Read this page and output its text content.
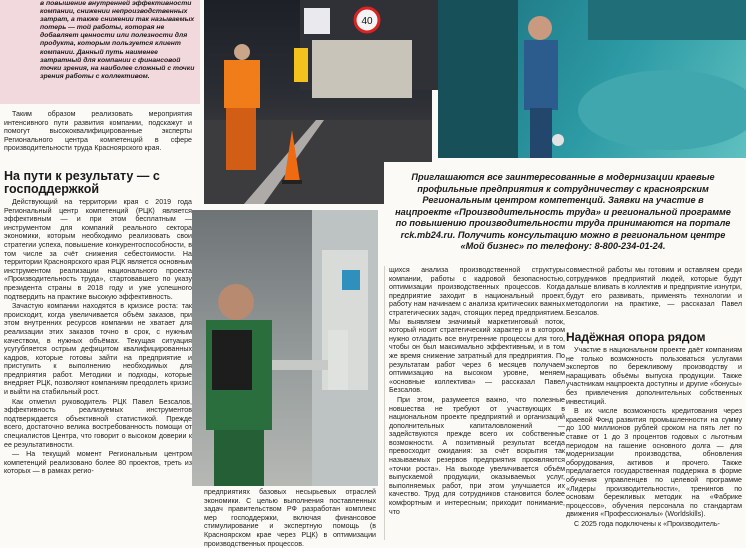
в повышение внутренней эффективности компании, снижении непроизводственных затрат, а также снижении так называемых потерь — той работы, которая не добавляет ценности или полезности для продукта, которым пользуется клиент компании. Данный путь наименее затратный для компании с финансовой точки зрения, на наиболее сложный с точки зрения работы с коллективом.

Таким образом реализовать мероприятия интенсивного пути развития компании, подскажут и помогут высококвалифицированные эксперты Регионального центра компетенций в сфере производительности труда Красноярского края.

На пути к результату — с господдержкой

Действующий на территории края с 2019 года Региональный центр компетенций (РЦК) является эффективным — и при этом бесплатным — инструментом для компаний реального сектора экономики, которым необходимо реализовать свои стратегии успеха, повышение конкурентоспособности, в том числе за счёт снижения себестоимости. На территории Красноярского края РЦК является основным инструментом реализации национального проекта «Производительность труда», стартовавшего по указу президента страны в 2018 году и уже успешного подтвердить на практике высокую эффективность.

Зачастую компании находятся в кризисе роста: так происходит, когда увеличивается объём заказов, при этом внутренних ресурсов компании не хватает для реализации этих заказов точно в срок, с нужным качеством, в нужных объёмах. Текущая ситуация усугубляется острым дефицитом квалифицированных кадров, которые готовы зайти на предприятие и приступить к выполнению необходимых для предприятия работ. Методики и подходы, которые внедряет РЦК, позволяют компаниям преодолеть кризис и выйти на стабильный рост.

Как отметил руководитель РЦК Павел Безсалов, эффективность реализуемых инструментов подтверждается объективной статистикой. Прежде всего, достаточно велика востребованность помощи от специалистов Центра, что говорит о высоком доверии к ее результативности.

— На текущий момент Региональным центром компетенций реализовано более 80 проектов, треть из которых — в рамках регио-

40
Приглашаются все заинтересованные в модернизации краевые профильные предприятия к сотрудничеству с красноярским Региональным центром компетенций. Заявки на участие в нацпроекте «Производительность труда» и региональной программе по повышению производительности труда принимаются на портале rck.mb24.ru. Получить консультацию можно в региональном центре «Мой бизнес» по телефону: 8-800-234-01-24.

предприятиях базовых несырьевых отраслей экономики. С целью выполнения поставленных задач правительством РФ разработан комплекс мер господдержки, включая финансовое стимулирование и экспертную помощь (в Красноярском крае через РЦК) в оптимизации производственных процессов.

щихся анализа производственной структуры компании, работы с кадровой безопасностью, оптимизации производственных процессов. Когда предприятие заходит в национальный проект, работу нам начинаем с анализа критических важных стратегических задач, стоящих перед предприятием. Мы выявляем значимый маркетинговый поток, который носит стратегический характер и в котором нужно отладить все внутренние процессы для того, чтобы он был максимально эффективным, и в том же время снижение затратный для предприятия. По результатам работ через 6 месяцев получаем оптимизацию на высоком уровне, меняем «основные коллектива» — рассказал Павел Безсалов.

При этом, разумеется важно, что полезные новшества не требуют от участвующих в национальном проекте предприятий и организаций дополнительных капиталовложений — задействуются прежде всего их собственные возможности. А позитивный результат всегда превосходит ожидания: за счёт вскрытия так называемых резервов предприятия проявляются «точки роста». На выходе увеличивается объём выпускаемой продукции, оказываемых услуг, выполняемых работ, при этом улучшается их качество. Труд для сотрудников становится более комфортным и интересным; приходит понимание, что

совместной работы мы готовим и оставляем среди сотрудников предприятий людей, которые будут дальше вливать в коллектив и предприятие изнутри, будут его развивать, применять технологии и методологии на практике, — рассказал Павел Безсалов.

Надёжная опора рядом

Участие в национальном проекте даёт компаниям не только возможность пользоваться услугами экспертов по бережливому производству и наращивать объёмы выпуска продукции. Также участникам нацпроекта доступны и другие «бонусы» без привлечения дополнительных собственных инвестиций.

В их числе возможность кредитования через краевой Фонд развития промышленности на сумму до 100 миллионов рублей сроком на пять лет по ставке от 1 до 3 процентов годовых с льготным периодом на гашение основного долга — для модернизации производства, обновления оборудования, активов и прочего. Также предлагается государственная поддержка в форме обучения управленцев по целевой программе «Лидеры производительности», тренингов по основам бережливых методик на «Фабрике процессов», обучения персонала по стандартам движения «Профессионалы» (Worldskills).

С 2025 года подключены к «Производитель-
